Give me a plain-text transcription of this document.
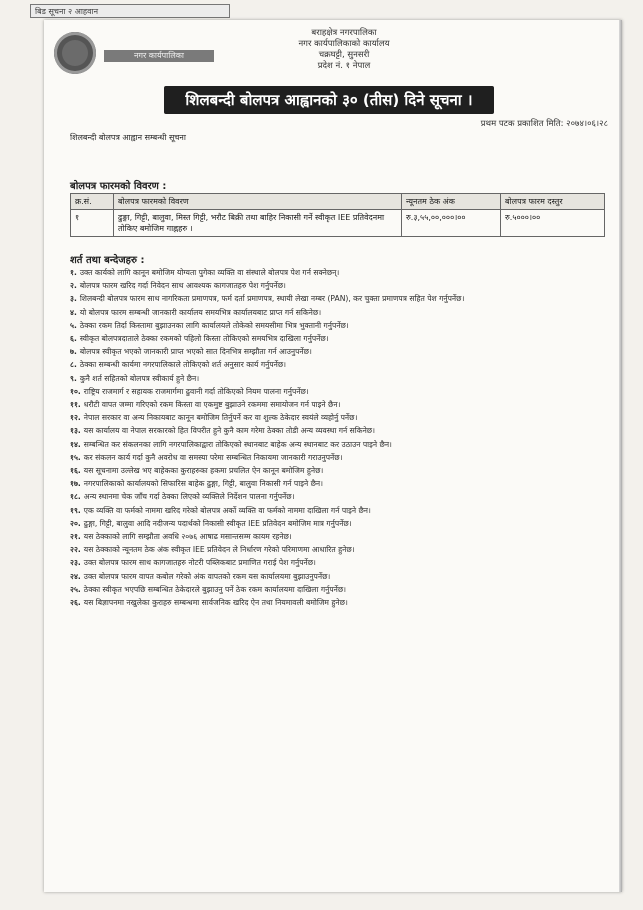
बिड सूचना २ आहवान
नगर कार्यपालिका
बराहक्षेत्र नगरपालिका
नगर कार्यपालिकाको कार्यालय
चक्रघट्टी, सुनसरी
प्रदेश नं. १ नेपाल
शिलबन्दी बोलपत्र आह्वानको ३० (तीस) दिने सूचना ।
प्रथम पटक प्रकाशित मिति: २०७४।०६।२८
शिलबन्दी बोलपत्र आह्वान सम्बन्धी सूचना
बोलपत्र फारमको विवरण :
क्र.सं.	बोलपत्र फारमको विवरण	न्यूनतम ठेक अंक	बोलपत्र फारम दस्तुर
१	ढुङ्गा, गिट्टी, बालुवा, मिस्त गिट्टी, भरौट बिक्री तथा बाहिर निकासी गर्ने स्वीकृत IEE प्रतिवेदनमा तोकिए बमोजिम गाह्नहरु ।	रु.३,५५,००,०००।००	रु.५०००।००
शर्त तथा बन्देजहरु :
१. उक्त कार्यको लागि कानून बमोजिम योग्यता पुगेका व्यक्ति वा संस्थाले बोलपत्र पेश गर्न सक्नेछन्।
२. बोलपत्र फारम खरिद गर्दा निवेदन साथ आवश्यक कागजातहरु पेश गर्नुपर्नेछ।
३. शिलबन्दी बोलपत्र फारम साथ नागरिकता प्रमाणपत्र, फर्म दर्ता प्रमाणपत्र, स्थायी लेखा नम्बर (PAN), कर चुक्ता प्रमाणपत्र सहित पेश गर्नुपर्नेछ।
४. यो बोलपत्र फारम सम्बन्धी जानकारी कार्यालय समयभित्र कार्यालयबाट प्राप्त गर्न सकिनेछ।
५. ठेक्का रकम तिर्दा किस्तामा बुझाउनका लागि कार्यालयले तोकेको समयसीमा भित्र भुक्तानी गर्नुपर्नेछ।
६. स्वीकृत बोलपत्रदाताले ठेक्का रकमको पहिलो किस्ता तोकिएको समयभित्र दाखिला गर्नुपर्नेछ।
७. बोलपत्र स्वीकृत भएको जानकारी प्राप्त भएको सात दिनभित्र सम्झौता गर्न आउनुपर्नेछ।
८. ठेक्का सम्बन्धी कार्यमा नगरपालिकाले तोकिएको शर्त अनुसार कार्य गर्नुपर्नेछ।
९. कुनै शर्त सहितको बोलपत्र स्वीकार्य हुने छैन।
१०. राष्ट्रिय राजमार्ग र सहायक राजमार्गमा ढुवानी गर्दा तोकिएको नियम पालना गर्नुपर्नेछ।
११. धरौटी वापत जम्मा गरिएको रकम किस्ता वा एकमुष्ट बुझाउने रकममा समायोजन गर्न पाइने छैन।
१२. नेपाल सरकार वा अन्य निकायबाट कानून बमोजिम तिर्नुपर्ने कर वा शुल्क ठेकेदार स्वयंले व्यहोर्नु पर्नेछ।
१३. यस कार्यालय वा नेपाल सरकारको हित विपरीत हुने कुनै काम गरेमा ठेक्का तोडी अन्य व्यवस्था गर्न सकिनेछ।
१४. सम्बन्धित कर संकलनका लागि नगरपालिकाद्वारा तोकिएको स्थानबाट बाहेक अन्य स्थानबाट कर उठाउन पाइने छैन।
१५. कर संकलन कार्य गर्दा कुनै अवरोध वा समस्या परेमा सम्बन्धित निकायमा जानकारी गराउनुपर्नेछ।
१६. यस सूचनामा उल्लेख भए बाहेकका कुराहरुका हकमा प्रचलित ऐन कानून बमोजिम हुनेछ।
१७. नगरपालिकाको कार्यालयको सिफारिस बाहेक ढुङ्गा, गिट्टी, बालुवा निकासी गर्न पाइने छैन।
१८. अन्य स्थानमा चेक जाँच गर्दा ठेक्का लिएको व्यक्तिले निर्देशन पालना गर्नुपर्नेछ।
१९. एक व्यक्ति वा फर्मको नाममा खरिद गरेको बोलपत्र अर्को व्यक्ति वा फर्मको नाममा दाखिला गर्न पाइने छैन।
२०. ढुङ्गा, गिट्टी, बालुवा आदि नदीजन्य पदार्थको निकासी स्वीकृत IEE प्रतिवेदन बमोजिम मात्र गर्नुपर्नेछ।
२१. यस ठेक्काको लागि सम्झौता अवधि २०७६ आषाढ मसान्तसम्म कायम रहनेछ।
२२. यस ठेक्काको न्यूनतम ठेक अंक स्वीकृत IEE प्रतिवेदन ले निर्धारण गरेको परिमाणमा आधारित हुनेछ।
२३. उक्त बोलपत्र फारम साथ कागजातहरु नोटरी पब्लिकबाट प्रमाणित गराई पेश गर्नुपर्नेछ।
२४. उक्त बोलपत्र फारम वापत कबोल गरेको अंक वापतको रकम यस कार्यालयमा बुझाउनुपर्नेछ।
२५. ठेक्का स्वीकृत भएपछि सम्बन्धित ठेकेदारले बुझाउनु पर्ने ठेक रकम कार्यालयमा दाखिला गर्नुपर्नेछ।
२६. यस बिज्ञापनमा नखुलेका कुराहरु सम्बन्धमा सार्वजनिक खरिद ऐन तथा नियमावली बमोजिम हुनेछ।
